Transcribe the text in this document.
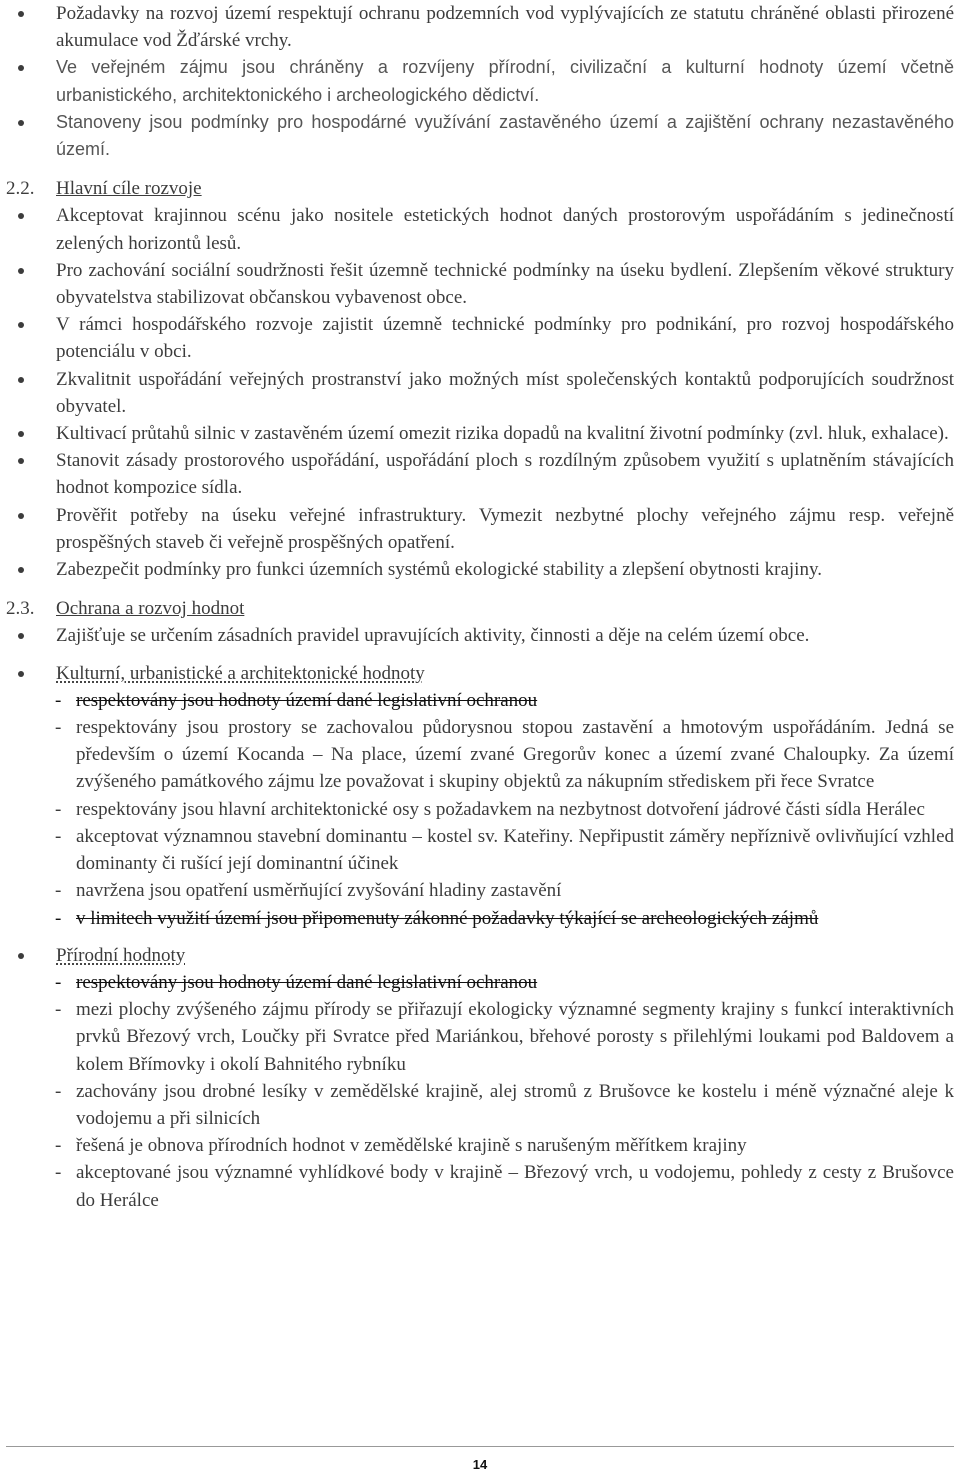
Požadavky na rozvoj území respektují ochranu podzemních vod vyplývajících ze statutu chráněné oblasti přirozené akumulace vod Žďárské vrchy.
Ve veřejném zájmu jsou chráněny a rozvíjeny přírodní, civilizační a kulturní hodnoty území včetně urbanistického, architektonického i archeologického dědictví.
Stanoveny jsou podmínky pro hospodárné využívání zastavěného území a zajištění ochrany nezastavěného území.
2.2.	Hlavní cíle rozvoje
Akceptovat krajinnou scénu jako nositele estetických hodnot daných prostorovým uspořádáním s jedinečností zelených horizontů lesů.
Pro zachování sociální soudržnosti řešit územně technické podmínky na úseku bydlení. Zlepšením věkové struktury obyvatelstva stabilizovat občanskou vybavenost obce.
V rámci hospodářského rozvoje zajistit územně technické podmínky pro podnikání, pro rozvoj hospodářského potenciálu v obci.
Zkvalitnit uspořádání veřejných prostranství jako možných míst společenských kontaktů podporujících soudržnost obyvatel.
Kultivací průtahů silnic v zastavěném území omezit rizika dopadů na kvalitní životní podmínky (zvl. hluk, exhalace).
Stanovit zásady prostorového uspořádání, uspořádání ploch s rozdílným způsobem využití s uplatněním stávajících hodnot kompozice sídla.
Prověřit potřeby na úseku veřejné infrastruktury. Vymezit nezbytné plochy veřejného zájmu resp. veřejně prospěšných staveb či veřejně prospěšných opatření.
Zabezpečit podmínky pro funkci územních systémů ekologické stability a zlepšení obytnosti krajiny.
2.3.	Ochrana a rozvoj hodnot
Zajišťuje se určením zásadních pravidel upravujících aktivity, činnosti a děje na celém území obce.
Kulturní, urbanistické a architektonické hodnoty
- respektovány jsou hodnoty území dané legislativní ochranou
- respektovány jsou prostory se zachovalou půdorysnou stopou zastavění a hmotovým uspořádáním. Jedná se především o území Kocanda – Na place, území zvané Gregorův konec a území zvané Chaloupky. Za území zvýšeného památkového zájmu lze považovat i skupiny objektů za nákupním střediskem při řece Svratce
- respektovány jsou hlavní architektonické osy s požadavkem na nezbytnost dotvoření jádrové části sídla Herálec
- akceptovat významnou stavební dominantu – kostel sv. Kateřiny. Nepřipustit záměry nepříznivě ovlivňující vzhled dominanty či rušící její dominantní účinek
- navržena jsou opatření usměrňující zvyšování hladiny zastavění
- v limitech využití území jsou připomenuty zákonné požadavky týkající se archeologických zájmů
Přírodní hodnoty
- respektovány jsou hodnoty území dané legislativní ochranou
- mezi plochy zvýšeného zájmu přírody se přiřazují ekologicky významné segmenty krajiny s funkcí interaktivních prvků Březový vrch, Loučky při Svratce před Mariánkou, břehové porosty s přilehlými loukami pod Baldovem a kolem Břímovky i okolí Bahnitého rybníku
- zachovány jsou drobné lesíky v zemědělské krajině, alej stromů z Brušovce ke kostelu i méně význačné aleje k vodojemu a při silnicích
- řešená je obnova přírodních hodnot v zemědělské krajině s narušeným měřítkem krajiny
- akceptované jsou významné vyhlídkové body v krajině – Březový vrch, u vodojemu, pohledy z cesty z Brušovce do Herálce
14
